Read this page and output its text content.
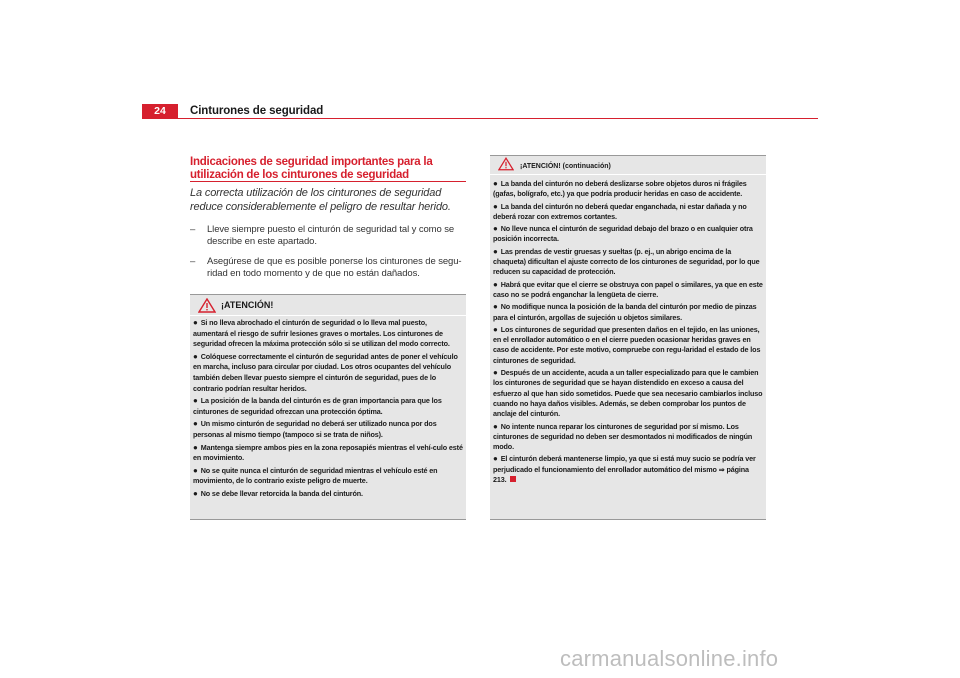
24	Cinturones de seguridad
Indicaciones de seguridad importantes para la utilización de los cinturones de seguridad
La correcta utilización de los cinturones de seguridad reduce considerablemente el peligro de resultar herido.
– Lleve siempre puesto el cinturón de seguridad tal y como se describe en este apartado.
– Asegúrese de que es posible ponerse los cinturones de segu-ridad en todo momento y de que no están dañados.
¡ATENCIÓN!
● Si no lleva abrochado el cinturón de seguridad o lo lleva mal puesto, aumentará el riesgo de sufrir lesiones graves o mortales. Los cinturones de seguridad ofrecen la máxima protección sólo si se utilizan del modo correcto.
● Colóquese correctamente el cinturón de seguridad antes de poner el vehículo en marcha, incluso para circular por ciudad. Los otros ocupantes del vehículo también deben llevar puesto siempre el cinturón de seguridad, pues de lo contrario podrían resultar heridos.
● La posición de la banda del cinturón es de gran importancia para que los cinturones de seguridad ofrezcan una protección óptima.
● Un mismo cinturón de seguridad no deberá ser utilizado nunca por dos personas al mismo tiempo (tampoco si se trata de niños).
● Mantenga siempre ambos pies en la zona reposapiés mientras el vehí-culo esté en movimiento.
● No se quite nunca el cinturón de seguridad mientras el vehículo esté en movimiento, de lo contrario existe peligro de muerte.
● No se debe llevar retorcida la banda del cinturón.
¡ATENCIÓN! (continuación)
● La banda del cinturón no deberá deslizarse sobre objetos duros ni frágiles (gafas, bolígrafo, etc.) ya que podría producir heridas en caso de accidente.
● La banda del cinturón no deberá quedar enganchada, ni estar dañada y no deberá rozar con extremos cortantes.
● No lleve nunca el cinturón de seguridad debajo del brazo o en cualquier otra posición incorrecta.
● Las prendas de vestir gruesas y sueltas (p. ej., un abrigo encima de la chaqueta) dificultan el ajuste correcto de los cinturones de seguridad, por lo que reducen su capacidad de protección.
● Habrá que evitar que el cierre se obstruya con papel o similares, ya que en este caso no se podrá enganchar la lengüeta de cierre.
● No modifique nunca la posición de la banda del cinturón por medio de pinzas para el cinturón, argollas de sujeción u objetos similares.
● Los cinturones de seguridad que presenten daños en el tejido, en las uniones, en el enrollador automático o en el cierre pueden ocasionar heridas graves en caso de accidente. Por este motivo, compruebe con regu-laridad el estado de los cinturones de seguridad.
● Después de un accidente, acuda a un taller especializado para que le cambien los cinturones de seguridad que se hayan distendido en exceso a causa del esfuerzo al que han sido sometidos. Puede que sea necesario cambiarlos incluso cuando no haya daños visibles. Además, se deben comprobar los puntos de anclaje del cinturón.
● No intente nunca reparar los cinturones de seguridad por sí mismo. Los cinturones de seguridad no deben ser desmontados ni modificados de ningún modo.
● El cinturón deberá mantenerse limpio, ya que si está muy sucio se podría ver perjudicado el funcionamiento del enrollador automático del mismo ⇒ página 213.
carmanualsonline.info
